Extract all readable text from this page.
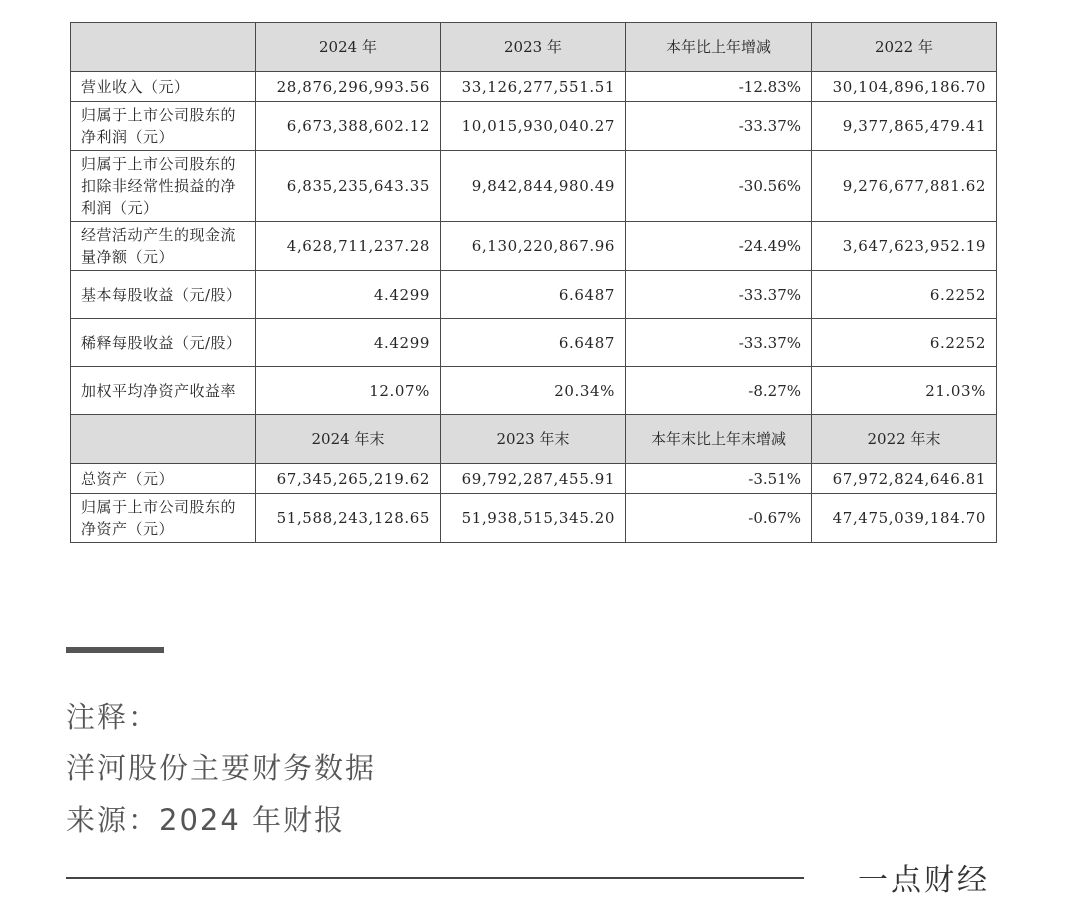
	2024 年	2023 年	本年比上年增减	2022 年
营业收入（元）	28,876,296,993.56	33,126,277,551.51	-12.83%	30,104,896,186.70
归属于上市公司股东的净利润（元）	6,673,388,602.12	10,015,930,040.27	-33.37%	9,377,865,479.41
归属于上市公司股东的扣除非经常性损益的净利润（元）	6,835,235,643.35	9,842,844,980.49	-30.56%	9,276,677,881.62
经营活动产生的现金流量净额（元）	4,628,711,237.28	6,130,220,867.96	-24.49%	3,647,623,952.19
基本每股收益（元/股）	4.4299	6.6487	-33.37%	6.2252
稀释每股收益（元/股）	4.4299	6.6487	-33.37%	6.2252
加权平均净资产收益率	12.07%	20.34%	-8.27%	21.03%
	2024 年末	2023 年末	本年末比上年末增减	2022 年末
总资产（元）	67,345,265,219.62	69,792,287,455.91	-3.51%	67,972,824,646.81
归属于上市公司股东的净资产（元）	51,588,243,128.65	51,938,515,345.20	-0.67%	47,475,039,184.70
注释：
洋河股份主要财务数据
来源：2024 年财报
一点财经
